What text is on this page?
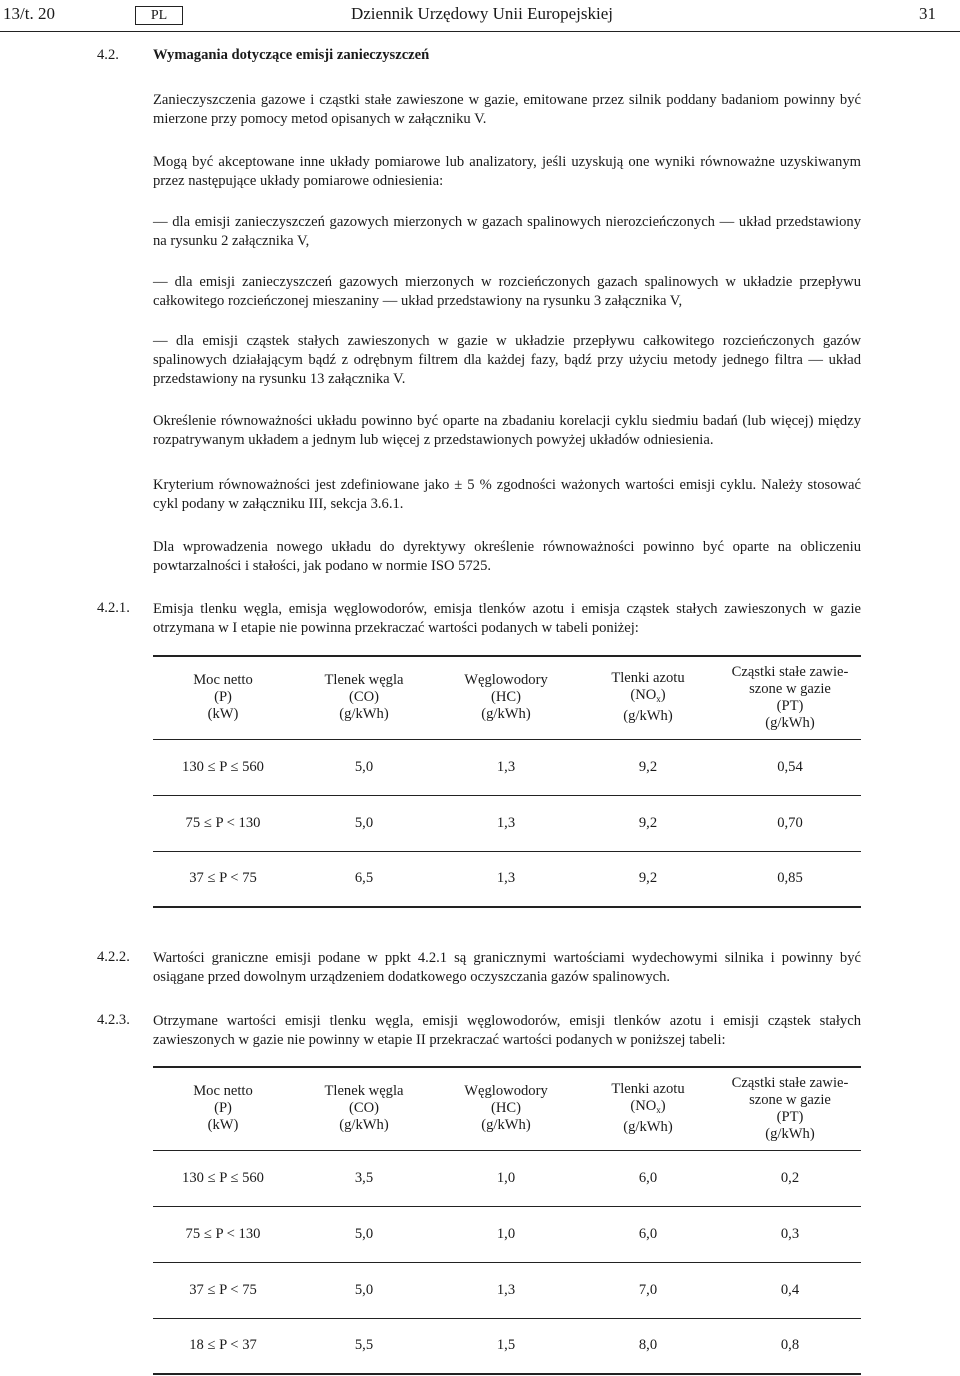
13/t. 20	PL	Dziennik Urzędowy Unii Europejskiej	31
4.2. Wymagania dotyczące emisji zanieczyszczeń
Zanieczyszczenia gazowe i cząstki stałe zawieszone w gazie, emitowane przez silnik poddany badaniom powinny być mierzone przy pomocy metod opisanych w załączniku V.
Mogą być akceptowane inne układy pomiarowe lub analizatory, jeśli uzyskują one wyniki równoważne uzyskiwanym przez następujące układy pomiarowe odniesienia:
— dla emisji zanieczyszczeń gazowych mierzonych w gazach spalinowych nierozcieńczonych — układ przedstawiony na rysunku 2 załącznika V,
— dla emisji zanieczyszczeń gazowych mierzonych w rozcieńczonych gazach spalinowych w układzie przepływu całkowitego rozcieńczonej mieszaniny — układ przedstawiony na rysunku 3 załącznika V,
— dla emisji cząstek stałych zawieszonych w gazie w układzie przepływu całkowitego rozcieńczonych gazów spalinowych działającym bądź z odrębnym filtrem dla każdej fazy, bądź przy użyciu metody jednego filtra — układ przedstawiony na rysunku 13 załącznika V.
Określenie równoważności układu powinno być oparte na zbadaniu korelacji cyklu siedmiu badań (lub więcej) między rozpatrywanym układem a jednym lub więcej z przedstawionych powyżej układów odniesienia.
Kryterium równoważności jest zdefiniowane jako ± 5 % zgodności ważonych wartości emisji cyklu. Należy stosować cykl podany w załączniku III, sekcja 3.6.1.
Dla wprowadzenia nowego układu do dyrektywy określenie równoważności powinno być oparte na obliczeniu powtarzalności i stałości, jak podano w normie ISO 5725.
4.2.1. Emisja tlenku węgla, emisja węglowodorów, emisja tlenków azotu i emisja cząstek stałych zawieszonych w gazie otrzymana w I etapie nie powinna przekraczać wartości podanych w tabeli poniżej:
Moc netto
(P)
(kW)	Tlenek węgla
(CO)
(g/kWh)	Węglowodory
(HC)
(g/kWh)	Tlenki azotu
$(NO_x)$
(g/kWh)	Cząstki stałe zawie-
szone w gazie
(PT)
(g/kWh)
130 ≤ P ≤ 560	5,0	1,3	9,2	0,54
75 ≤ P < 130	5,0	1,3	9,2	0,70
37 ≤ P < 75	6,5	1,3	9,2	0,85
4.2.2. Wartości graniczne emisji podane w ppkt 4.2.1 są granicznymi wartościami wydechowymi silnika i powinny być osiągane przed dowolnym urządzeniem dodatkowego oczyszczania gazów spalinowych.
4.2.3. Otrzymane wartości emisji tlenku węgla, emisji węglowodorów, emisji tlenków azotu i emisji cząstek stałych zawieszonych w gazie nie powinny w etapie II przekraczać wartości podanych w poniższej tabeli:
Moc netto
(P)
(kW)	Tlenek węgla
(CO)
(g/kWh)	Węglowodory
(HC)
(g/kWh)	Tlenki azotu
$(NO_x)$
(g/kWh)	Cząstki stałe zawie-
szone w gazie
(PT)
(g/kWh)
130 ≤ P ≤ 560	3,5	1,0	6,0	0,2
75 ≤ P < 130	5,0	1,0	6,0	0,3
37 ≤ P < 75	5,0	1,3	7,0	0,4
18 ≤ P < 37	5,5	1,5	8,0	0,8
